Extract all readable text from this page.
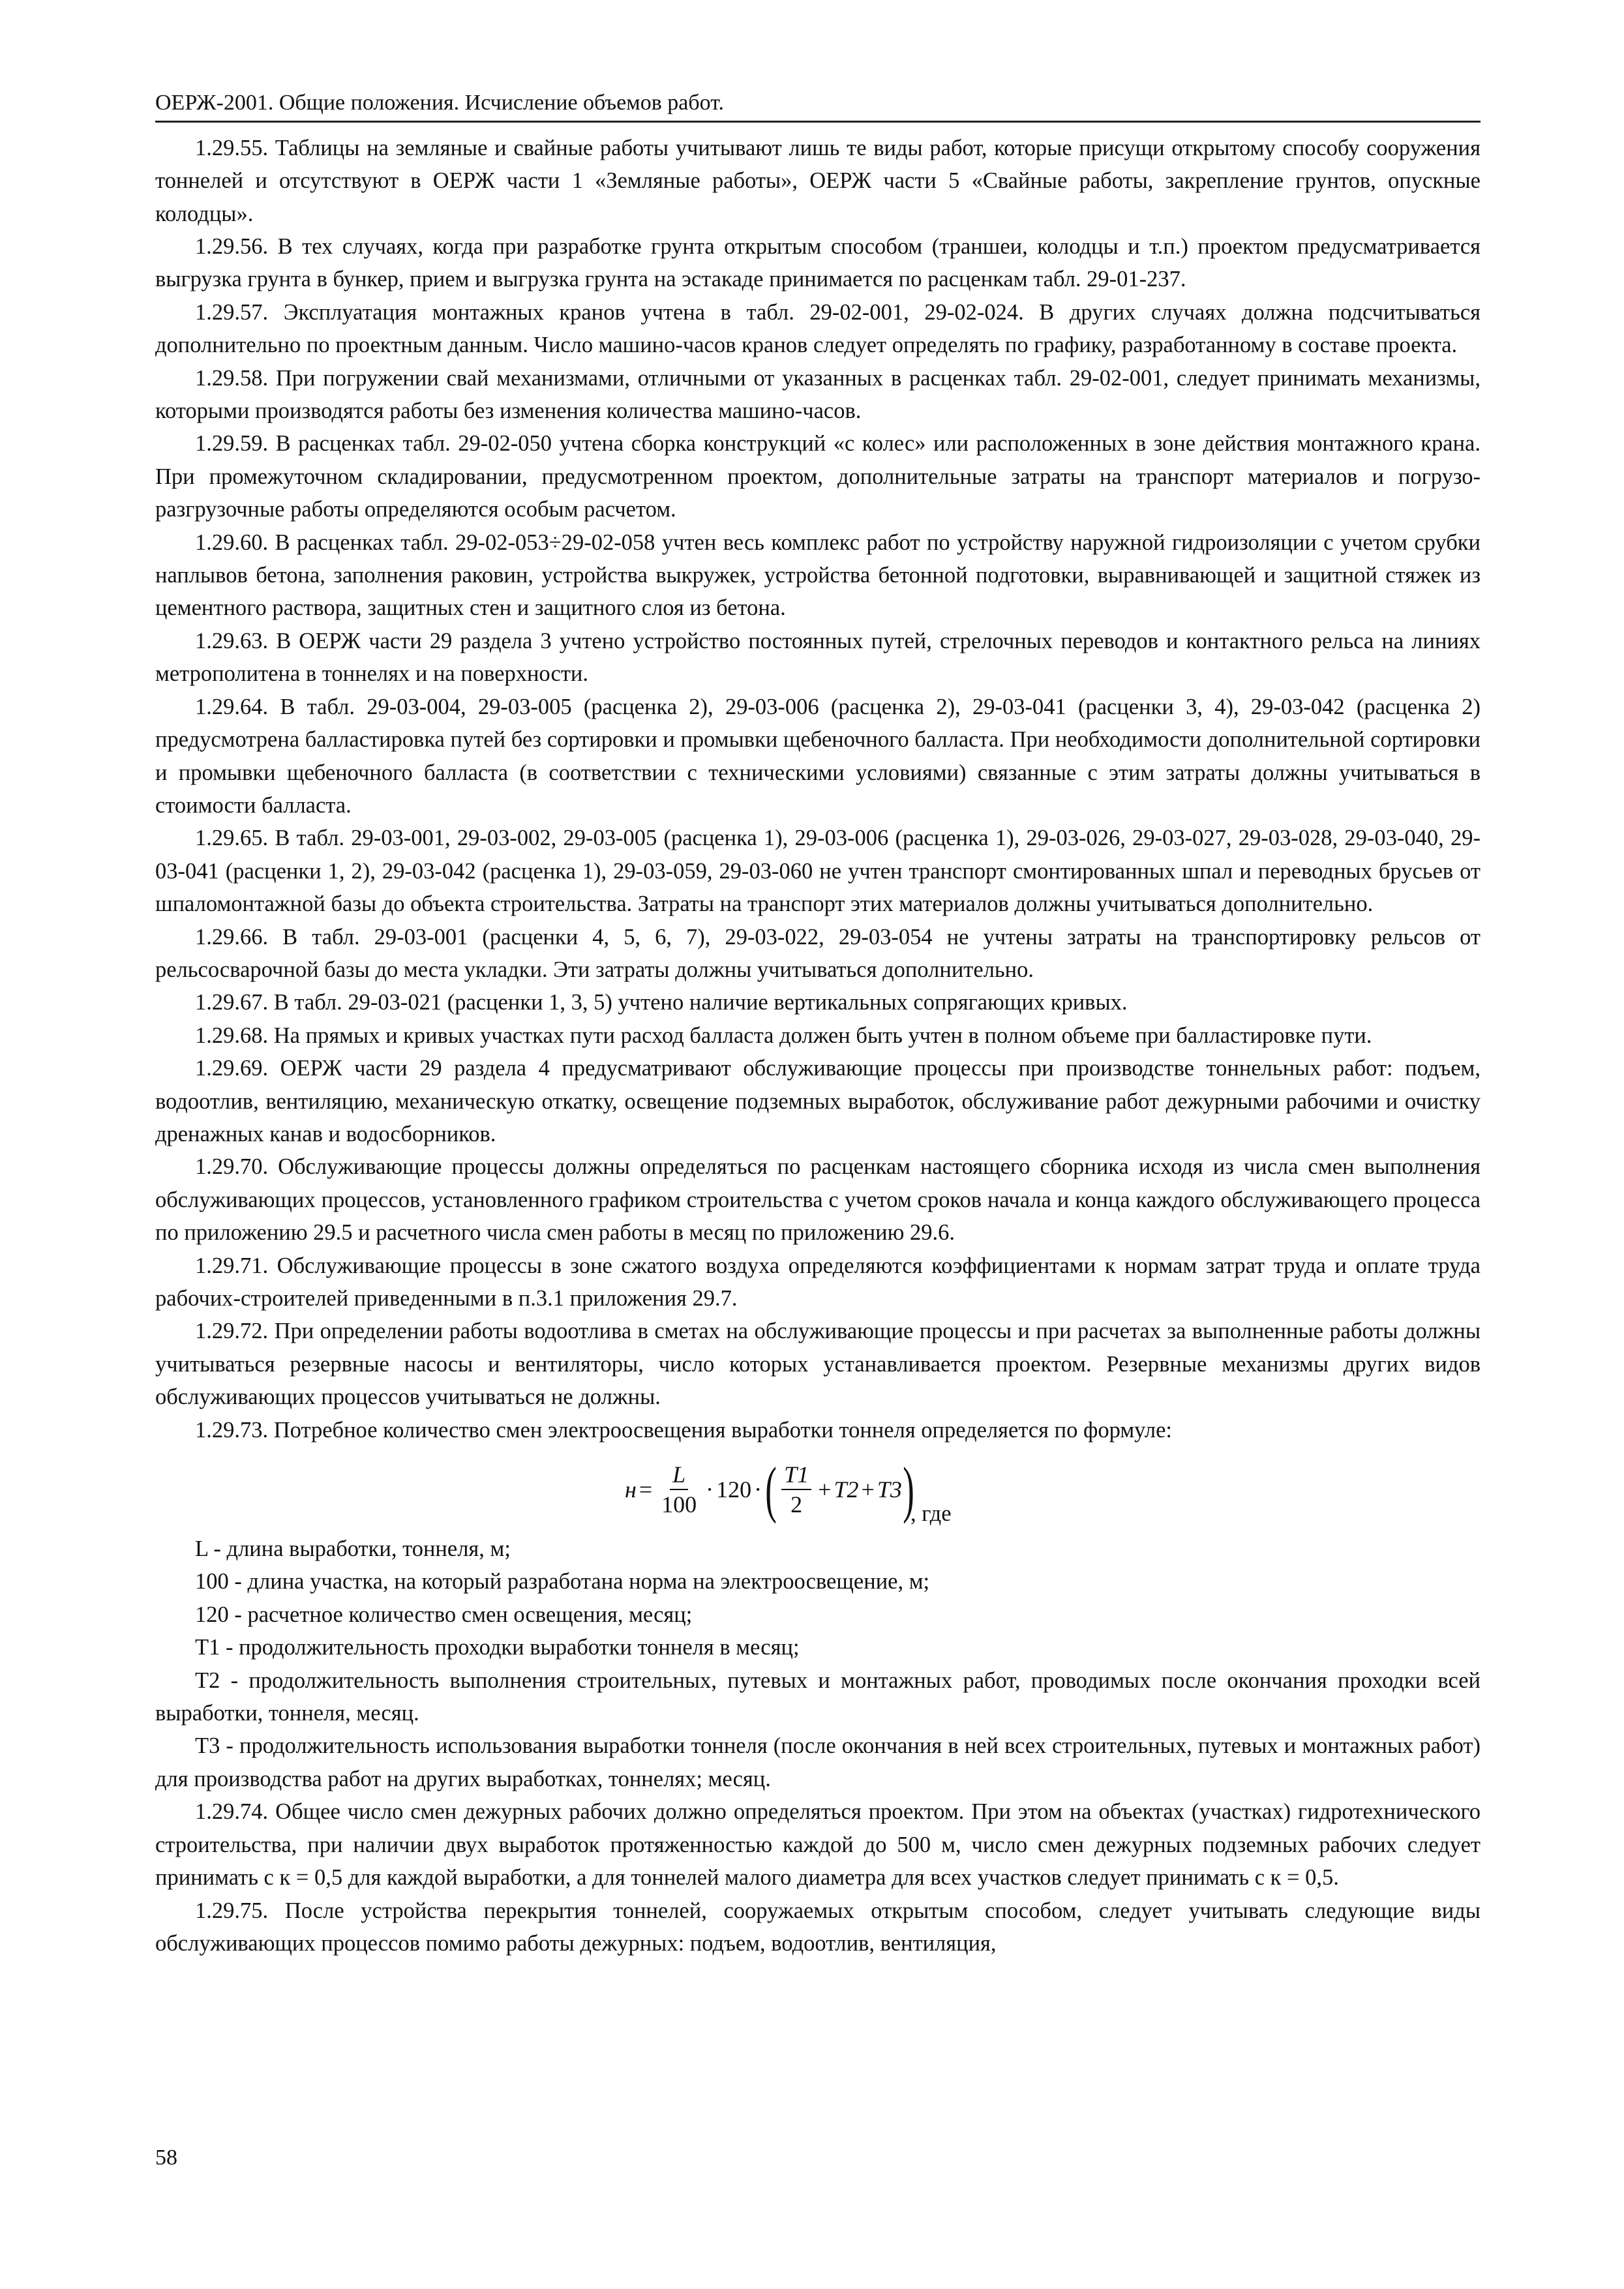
ОЕРЖ-2001. Общие положения. Исчисление объемов работ.

1.29.55. Таблицы на земляные и свайные работы учитывают лишь те виды работ, которые присущи открытому способу сооружения тоннелей и отсутствуют в ОЕРЖ части 1 «Земляные работы», ОЕРЖ части 5 «Свайные работы, закрепление грунтов, опускные колодцы».

1.29.56. В тех случаях, когда при разработке грунта открытым способом (траншеи, колодцы и т.п.) проектом предусматривается выгрузка грунта в бункер, прием и выгрузка грунта на эстакаде принимается по расценкам табл. 29-01-237.

1.29.57. Эксплуатация монтажных кранов учтена в табл. 29-02-001, 29-02-024. В других случаях должна подсчитываться дополнительно по проектным данным. Число машино-часов кранов следует определять по графику, разработанному в составе проекта.

1.29.58. При погружении свай механизмами, отличными от указанных в расценках табл. 29-02-001, следует принимать механизмы, которыми производятся работы без изменения количества машино-часов.

1.29.59. В расценках табл. 29-02-050 учтена сборка конструкций «с колес» или расположенных в зоне действия монтажного крана. При промежуточном складировании, предусмотренном проектом, дополнительные затраты на транспорт материалов и погрузо-разгрузочные работы определяются особым расчетом.

1.29.60. В расценках табл. 29-02-053÷29-02-058 учтен весь комплекс работ по устройству наружной гидроизоляции с учетом срубки наплывов бетона, заполнения раковин, устройства выкружек, устройства бетонной подготовки, выравнивающей и защитной стяжек из цементного раствора, защитных стен и защитного слоя из бетона.

1.29.63. В ОЕРЖ части 29 раздела 3 учтено устройство постоянных путей, стрелочных переводов и контактного рельса на линиях метрополитена в тоннелях и на поверхности.

1.29.64. В табл. 29-03-004, 29-03-005 (расценка 2), 29-03-006 (расценка 2), 29-03-041 (расценки 3, 4), 29-03-042 (расценка 2) предусмотрена балластировка путей без сортировки и промывки щебеночного балласта. При необходимости дополнительной сортировки и промывки щебеночного балласта (в соответствии с техническими условиями) связанные с этим затраты должны учитываться в стоимости балласта.

1.29.65. В табл. 29-03-001, 29-03-002, 29-03-005 (расценка 1), 29-03-006 (расценка 1), 29-03-026, 29-03-027, 29-03-028, 29-03-040, 29-03-041 (расценки 1, 2), 29-03-042 (расценка 1), 29-03-059, 29-03-060 не учтен транспорт смонтированных шпал и переводных брусьев от шпаломонтажной базы до объекта строительства. Затраты на транспорт этих материалов должны учитываться дополнительно.

1.29.66. В табл. 29-03-001 (расценки 4, 5, 6, 7), 29-03-022, 29-03-054 не учтены затраты на транспортировку рельсов от рельсосварочной базы до места укладки. Эти затраты должны учитываться дополнительно.

1.29.67. В табл. 29-03-021 (расценки 1, 3, 5) учтено наличие вертикальных сопрягающих кривых.

1.29.68. На прямых и кривых участках пути расход балласта должен быть учтен в полном объеме при балластировке пути.

1.29.69. ОЕРЖ части 29 раздела 4 предусматривают обслуживающие процессы при производстве тоннельных работ: подъем, водоотлив, вентиляцию, механическую откатку, освещение подземных выработок, обслуживание работ дежурными рабочими и очистку дренажных канав и водосборников.

1.29.70. Обслуживающие процессы должны определяться по расценкам настоящего сборника исходя из числа смен выполнения обслуживающих процессов, установленного графиком строительства с учетом сроков начала и конца каждого обслуживающего процесса по приложению 29.5 и расчетного числа смен работы в месяц по приложению 29.6.

1.29.71. Обслуживающие процессы в зоне сжатого воздуха определяются коэффициентами к нормам затрат труда и оплате труда рабочих-строителей приведенными в п.3.1 приложения 29.7.

1.29.72. При определении работы водоотлива в сметах на обслуживающие процессы и при расчетах за выполненные работы должны учитываться резервные насосы и вентиляторы, число которых устанавливается проектом. Резервные механизмы других видов обслуживающих процессов учитываться не должны.

1.29.73. Потребное количество смен электроосвещения выработки тоннеля определяется по формуле:

$н = \frac{L}{100} \cdot 120$ · ( $\frac{T1}{2} + T2 + T3$ )
, где

L - длина выработки, тоннеля, м;

100 - длина участка, на который разработана норма на электроосвещение, м;

120 - расчетное количество смен освещения, месяц;

Т1 - продолжительность проходки выработки тоннеля в месяц;

Т2 - продолжительность выполнения строительных, путевых и монтажных работ, проводимых после окончания проходки всей выработки, тоннеля, месяц.

Т3 - продолжительность использования выработки тоннеля (после окончания в ней всех строительных, путевых и монтажных работ) для производства работ на других выработках, тоннелях; месяц.

1.29.74. Общее число смен дежурных рабочих должно определяться проектом. При этом на объектах (участках) гидротехнического строительства, при наличии двух выработок протяженностью каждой до 500 м, число смен дежурных подземных рабочих следует принимать с к = 0,5 для каждой выработки, а для тоннелей малого диаметра для всех участков следует принимать с к = 0,5.

1.29.75. После устройства перекрытия тоннелей, сооружаемых открытым способом, следует учитывать следующие виды обслуживающих процессов помимо работы дежурных: подъем, водоотлив, вентиляция,

58
